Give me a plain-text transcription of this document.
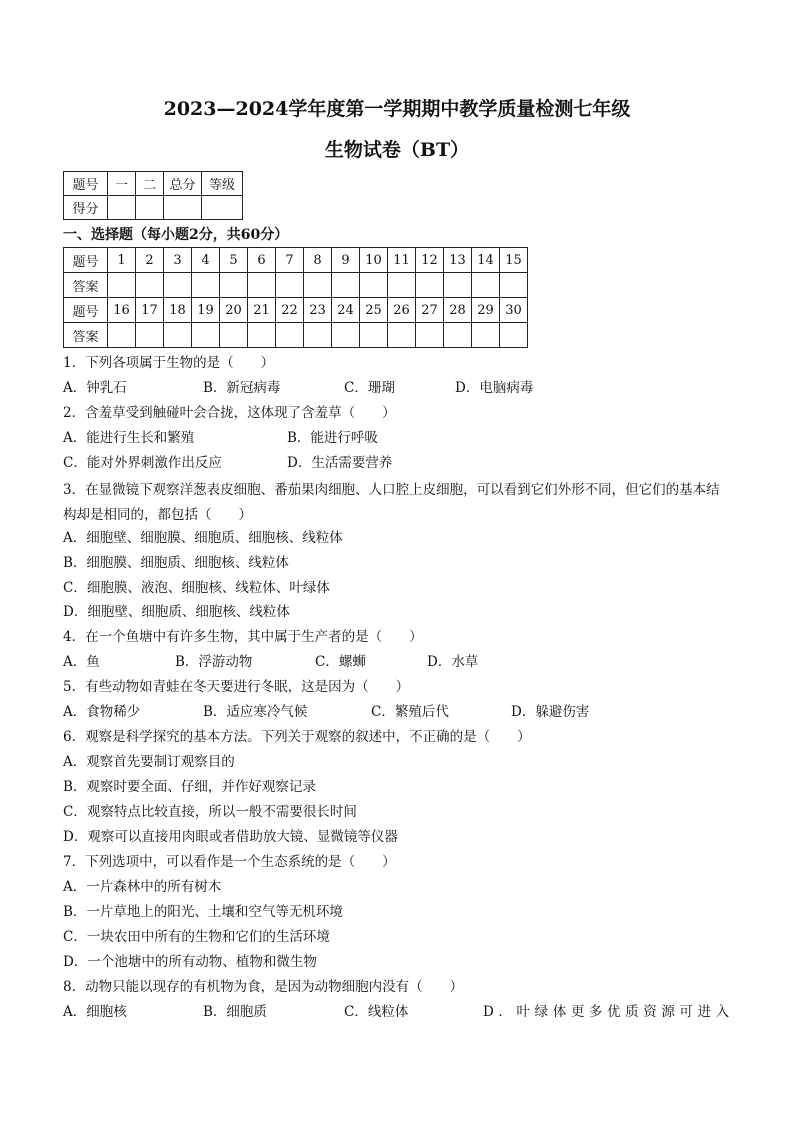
2023—2024学年度第一学期期中教学质量检测七年级
生物试卷（BT）
题号	一	二	总分	等级
得分				
一、选择题（每小题2分，共60分）
题号	1	2	3	4	5	6	7	8	9	10	11	12	13	14	15
答案															
题号	16	17	18	19	20	21	22	23	24	25	26	27	28	29	30
答案															
1．下列各项属于生物的是（　　）
A．钟乳石	B．新冠病毒	C．珊瑚	D．电脑病毒
2．含羞草受到触碰叶会合拢，这体现了含羞草（　　）
A．能进行生长和繁殖	B．能进行呼吸
C．能对外界刺激作出反应	D．生活需要营养
3．在显微镜下观察洋葱表皮细胞、番茄果肉细胞、人口腔上皮细胞，可以看到它们外形不同，但它们的基本结构却是相同的，都包括（　　）
A．细胞壁、细胞膜、细胞质、细胞核、线粒体
B．细胞膜、细胞质、细胞核、线粒体
C．细胞膜、液泡、细胞核、线粒体、叶绿体
D．细胞壁、细胞质、细胞核、线粒体
4．在一个鱼塘中有许多生物，其中属于生产者的是（　　）
A．鱼	B．浮游动物	C．螺蛳	D．水草
5．有些动物如青蛙在冬天要进行冬眠，这是因为（　　）
A．食物稀少	B．适应寒冷气候	C．繁殖后代	D．躲避伤害
6．观察是科学探究的基本方法。下列关于观察的叙述中，不正确的是（　　）
A．观察首先要制订观察目的
B．观察时要全面、仔细，并作好观察记录
C．观察特点比较直接，所以一般不需要很长时间
D．观察可以直接用肉眼或者借助放大镜、显微镜等仪器
7．下列选项中，可以看作是一个生态系统的是（　　）
A．一片森林中的所有树木
B．一片草地上的阳光、土壤和空气等无机环境
C．一块农田中所有的生物和它们的生活环境
D．一个池塘中的所有动物、植物和微生物
8．动物只能以现存的有机物为食，是因为动物细胞内没有（　　）
A．细胞核	B．细胞质	C．线粒体	D．叶绿体更多优质资源可进入
